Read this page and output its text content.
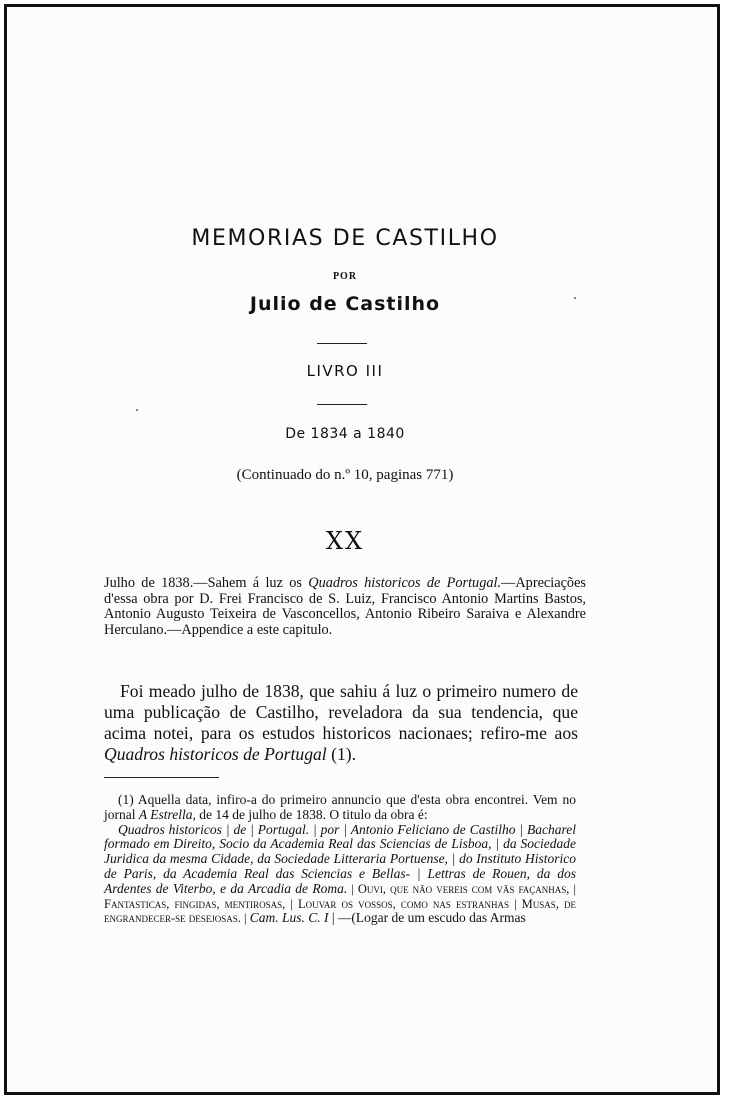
MEMORIAS DE CASTILHO
POR
Julio de Castilho
LIVRO III
De 1834 a 1840
(Continuado do n.º 10, paginas 771)
XX
Julho de 1838.—Sahem á luz os Quadros historicos de Portugal.—Apreciações d'essa obra por D. Frei Francisco de S. Luiz, Francisco Antonio Martins Bastos, Antonio Augusto Teixeira de Vasconcellos, Antonio Ribeiro Saraiva e Alexandre Herculano.—Appendice a este capitulo.
Foi meado julho de 1838, que sahiu á luz o primeiro numero de uma publicação de Castilho, reveladora da sua tendencia, que acima notei, para os estudos historicos nacionaes; refiro-me aos Quadros historicos de Portugal (1).
(1) Aquella data, infiro-a do primeiro annuncio que d'esta obra encontrei. Vem no jornal A Estrella, de 14 de julho de 1838. O titulo da obra é:
Quadros historicos | de | Portugal. | por | Antonio Feliciano de Castilho | Bacharel formado em Direito, Socio da Academia Real das Sciencias de Lisboa, | da Sociedade Juridica da mesma Cidade, da Sociedade Litteraria Portuense, | do Instituto Historico de Paris, da Academia Real das Sciencias e Bellas- | Lettras de Rouen, da dos Ardentes de Viterbo, e da Arcadia de Roma. | Ouvi, que não vereis com vãs façanhas, | Fantasticas, fingidas, mentirosas, | Louvar os vossos, como nas estranhas | Musas, de engrandecer-se desejosas. | Cam. Lus. C. I | —(Logar de um escudo das Armas
